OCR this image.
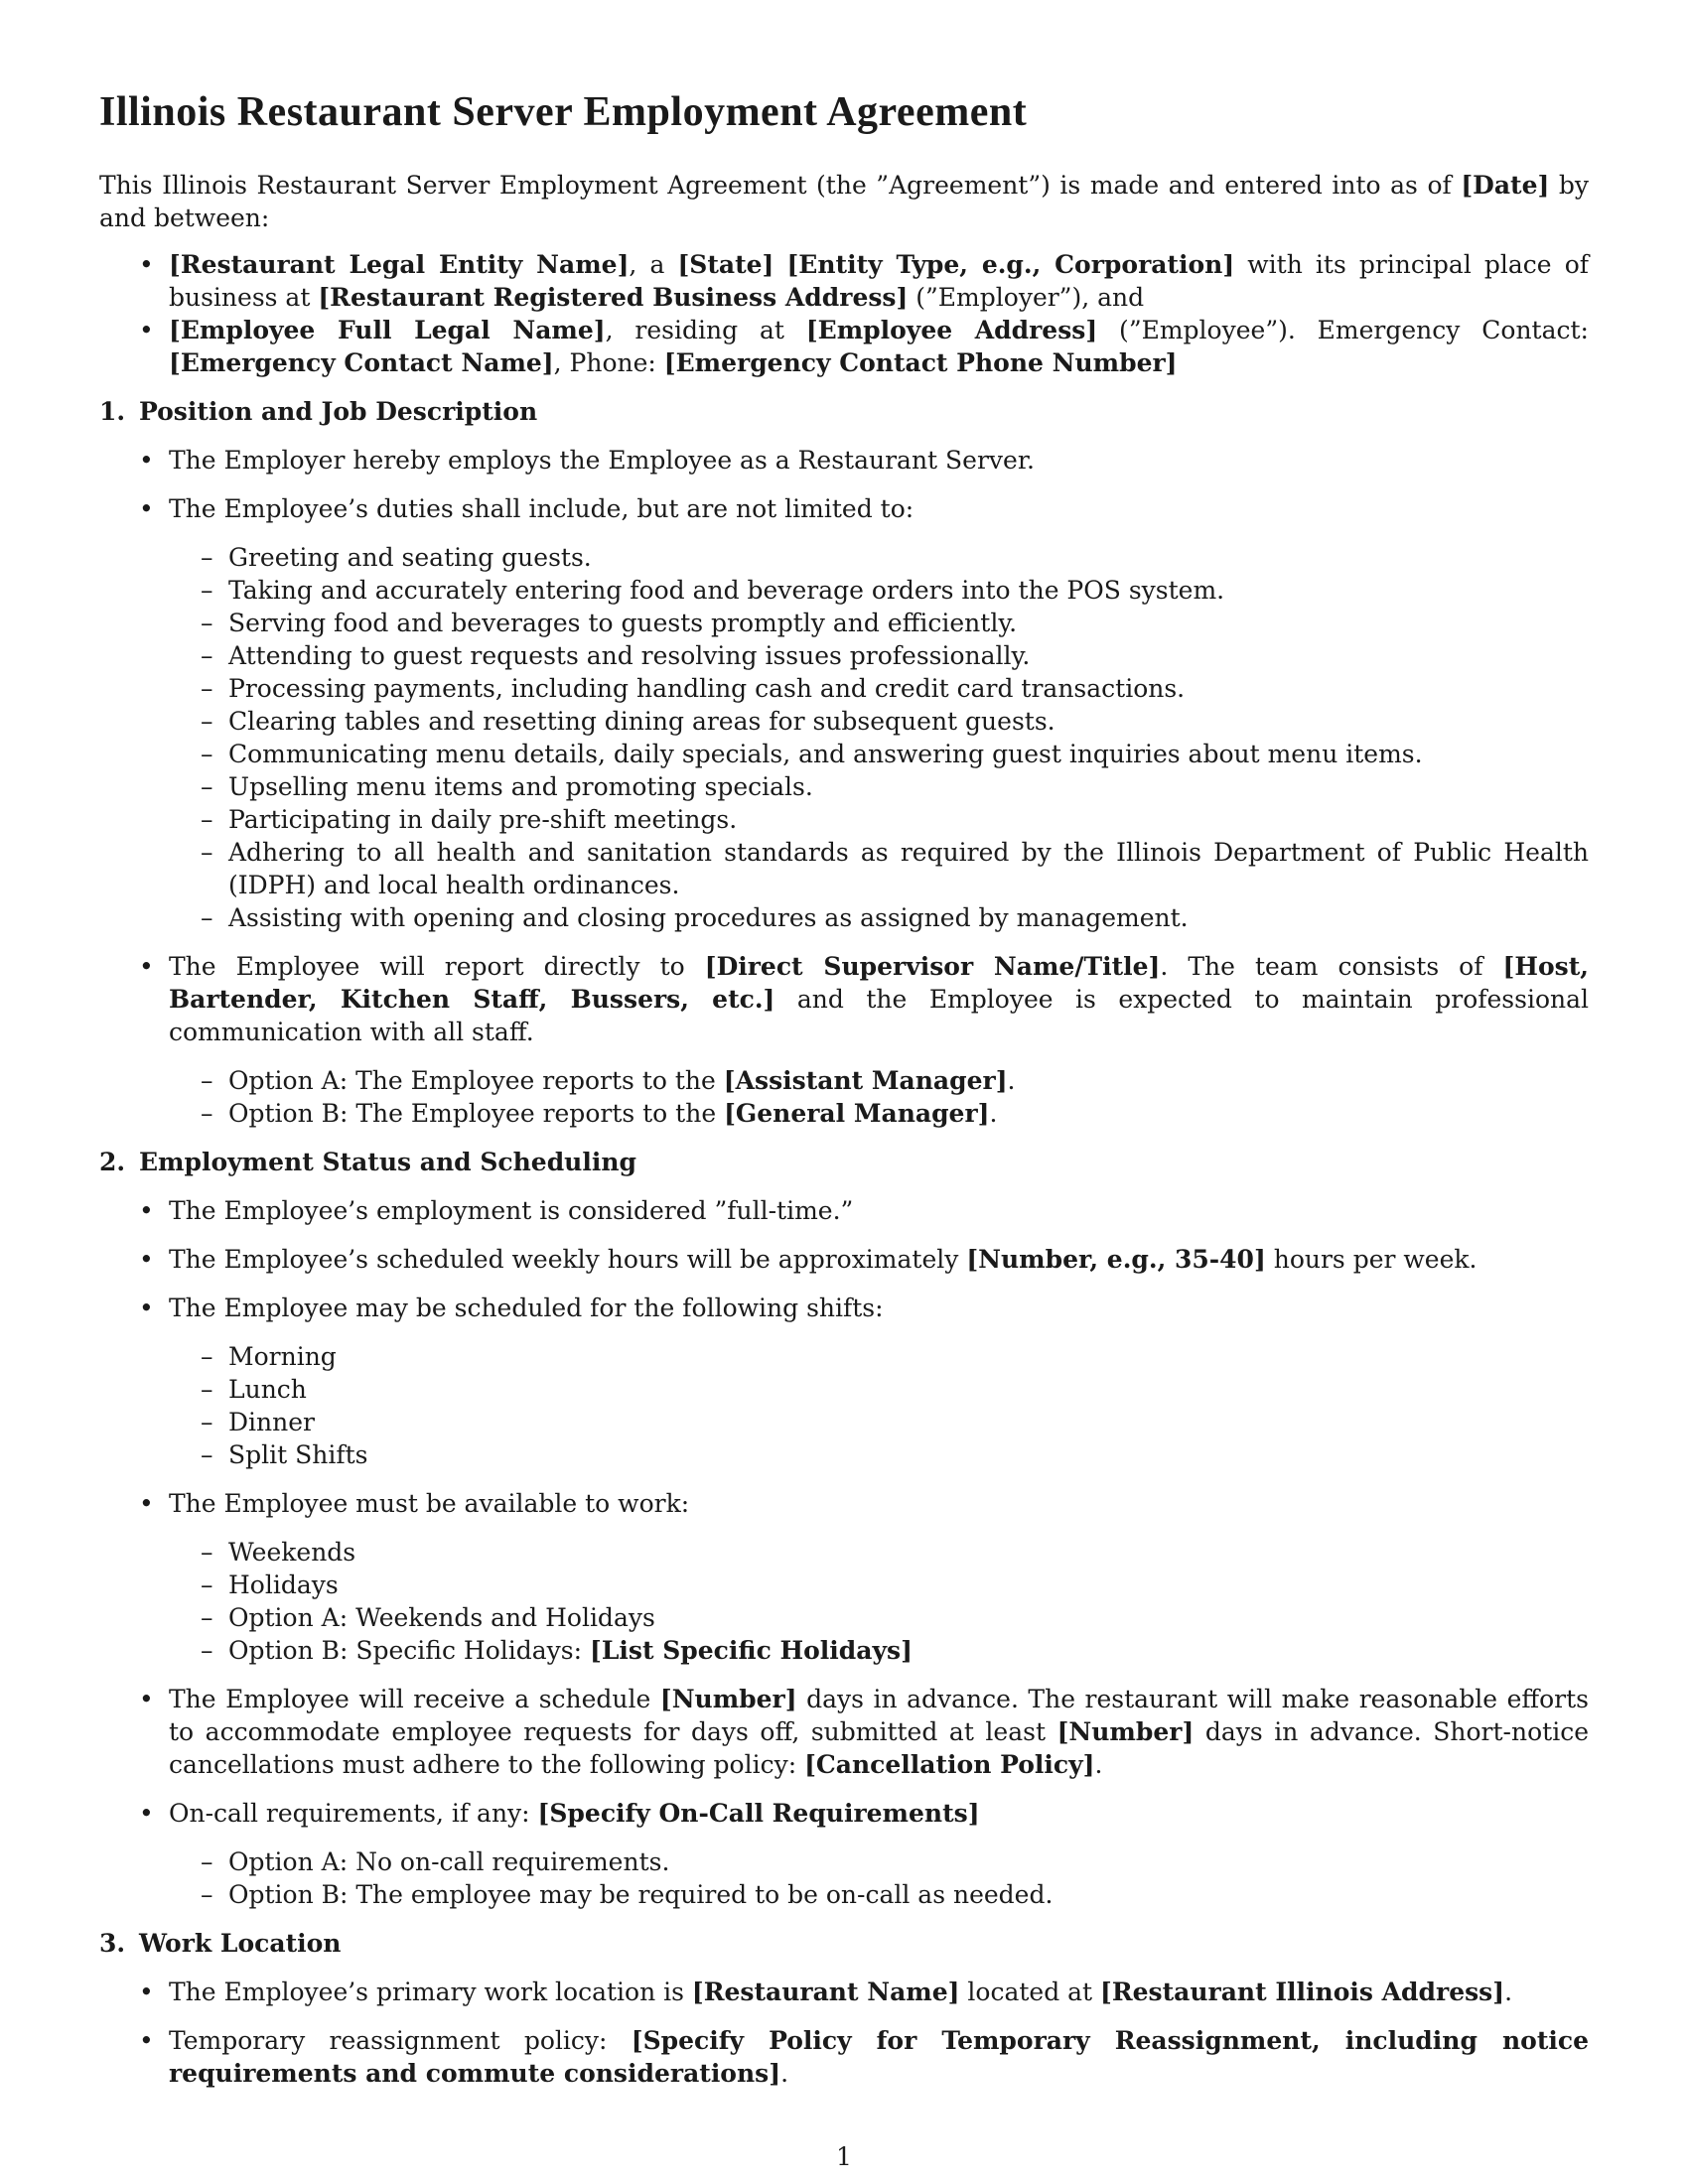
Illinois Restaurant Server Employment Agreement

This Illinois Restaurant Server Employment Agreement (the ”Agreement”) is made and entered into as of [Date] by and between:

• [Restaurant Legal Entity Name], a [State] [Entity Type, e.g., Corporation] with its principal place of business at [Restaurant Registered Business Address] (”Employer”), and
• [Employee Full Legal Name], residing at [Employee Address] (”Employee”). Emergency Contact: [Emergency Contact Name], Phone: [Emergency Contact Phone Number]
1. Position and Job Description
• The Employer hereby employs the Employee as a Restaurant Server.
• The Employee’s duties shall include, but are not limited to:
– Greeting and seating guests.
– Taking and accurately entering food and beverage orders into the POS system.
– Serving food and beverages to guests promptly and efficiently.
– Attending to guest requests and resolving issues professionally.
– Processing payments, including handling cash and credit card transactions.
– Clearing tables and resetting dining areas for subsequent guests.
– Communicating menu details, daily specials, and answering guest inquiries about menu items.
– Upselling menu items and promoting specials.
– Participating in daily pre-shift meetings.
– Adhering to all health and sanitation standards as required by the Illinois Department of Public Health (IDPH) and local health ordinances.
– Assisting with opening and closing procedures as assigned by management.
• The Employee will report directly to [Direct Supervisor Name/Title]. The team consists of [Host, Bartender, Kitchen Staff, Bussers, etc.] and the Employee is expected to maintain professional communication with all staff.
– Option A: The Employee reports to the [Assistant Manager].
– Option B: The Employee reports to the [General Manager].
2. Employment Status and Scheduling
• The Employee’s employment is considered ”full-time.”
• The Employee’s scheduled weekly hours will be approximately [Number, e.g., 35-40] hours per week.
• The Employee may be scheduled for the following shifts:
– Morning
– Lunch
– Dinner
– Split Shifts
• The Employee must be available to work:
– Weekends
– Holidays
– Option A: Weekends and Holidays
– Option B: Specific Holidays: [List Specific Holidays]
• The Employee will receive a schedule [Number] days in advance. The restaurant will make reasonable efforts to accommodate employee requests for days off, submitted at least [Number] days in advance. Short-notice cancellations must adhere to the following policy: [Cancellation Policy].
• On-call requirements, if any: [Specify On-Call Requirements]
– Option A: No on-call requirements.
– Option B: The employee may be required to be on-call as needed.
3. Work Location
• The Employee’s primary work location is [Restaurant Name] located at [Restaurant Illinois Address].
• Temporary reassignment policy: [Specify Policy for Temporary Reassignment, including notice requirements and commute considerations].
1
